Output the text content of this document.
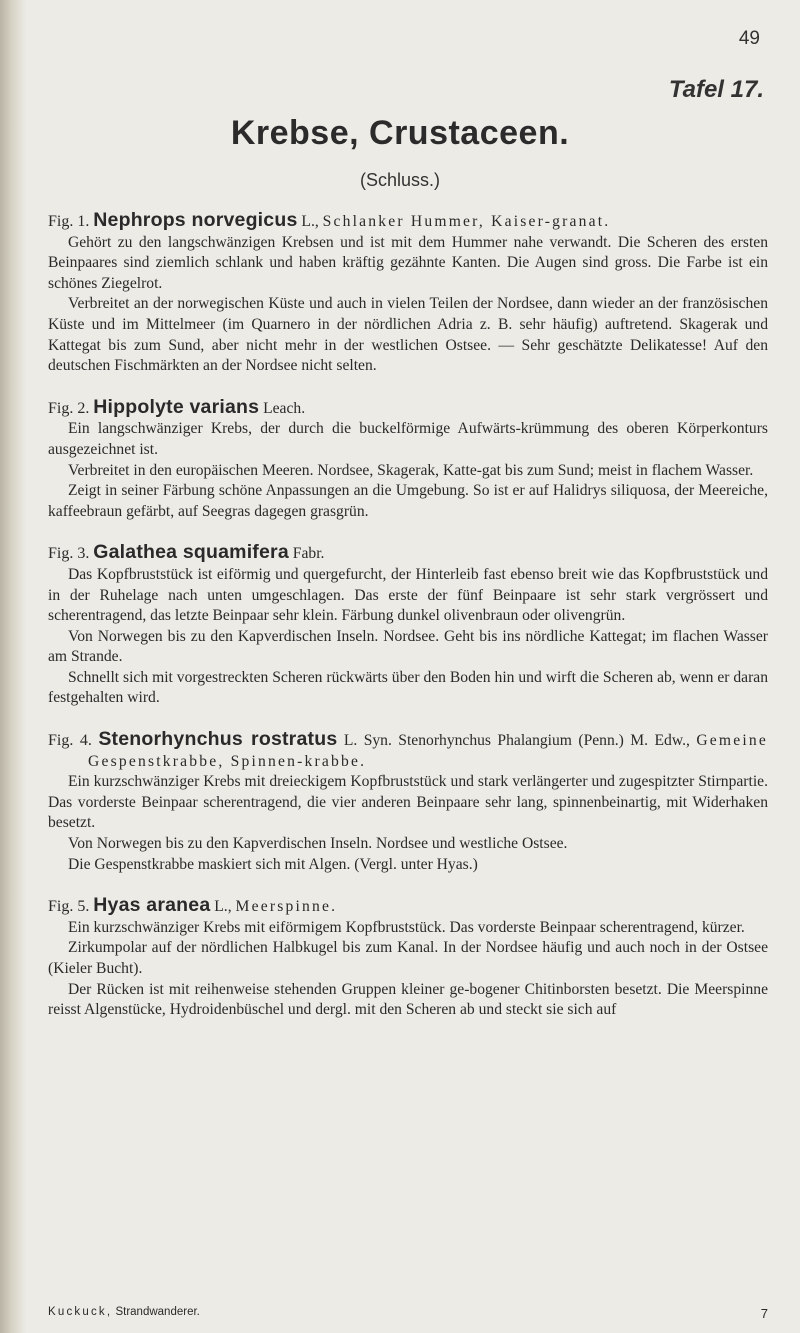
49
Tafel 17.
Krebse, Crustaceen.
(Schluss.)

Fig. 1. Nephrops norvegicus L., Schlanker Hummer, Kaiser-granat.

Gehört zu den langschwänzigen Krebsen und ist mit dem Hummer nahe verwandt. Die Scheren des ersten Beinpaares sind ziemlich schlank und haben kräftig gezähnte Kanten. Die Augen sind gross. Die Farbe ist ein schönes Ziegelrot.

Verbreitet an der norwegischen Küste und auch in vielen Teilen der Nordsee, dann wieder an der französischen Küste und im Mittelmeer (im Quarnero in der nördlichen Adria z. B. sehr häufig) auftretend. Skagerak und Kattegat bis zum Sund, aber nicht mehr in der westlichen Ostsee. — Sehr geschätzte Delikatesse! Auf den deutschen Fischmärkten an der Nordsee nicht selten.

Fig. 2. Hippolyte varians Leach.

Ein langschwänziger Krebs, der durch die buckelförmige Aufwärts-krümmung des oberen Körperkonturs ausgezeichnet ist.

Verbreitet in den europäischen Meeren. Nordsee, Skagerak, Katte-gat bis zum Sund; meist in flachem Wasser.

Zeigt in seiner Färbung schöne Anpassungen an die Umgebung. So ist er auf Halidrys siliquosa, der Meereiche, kaffeebraun gefärbt, auf Seegras dagegen grasgrün.

Fig. 3. Galathea squamifera Fabr.

Das Kopfbruststück ist eiförmig und quergefurcht, der Hinterleib fast ebenso breit wie das Kopfbruststück und in der Ruhelage nach unten umgeschlagen. Das erste der fünf Beinpaare ist sehr stark vergrössert und scherentragend, das letzte Beinpaar sehr klein. Färbung dunkel olivenbraun oder olivengrün.

Von Norwegen bis zu den Kapverdischen Inseln. Nordsee. Geht bis ins nördliche Kattegat; im flachen Wasser am Strande.

Schnellt sich mit vorgestreckten Scheren rückwärts über den Boden hin und wirft die Scheren ab, wenn er daran festgehalten wird.

Fig. 4. Stenorhynchus rostratus L. Syn. Stenorhynchus Phalangium (Penn.) M. Edw., Gemeine Gespenstkrabbe, Spinnen-krabbe.

Ein kurzschwänziger Krebs mit dreieckigem Kopfbruststück und stark verlängerter und zugespitzter Stirnpartie. Das vorderste Beinpaar scherentragend, die vier anderen Beinpaare sehr lang, spinnenbeinartig, mit Widerhaken besetzt.

Von Norwegen bis zu den Kapverdischen Inseln. Nordsee und westliche Ostsee.

Die Gespenstkrabbe maskiert sich mit Algen. (Vergl. unter Hyas.)

Fig. 5. Hyas aranea L., Meerspinne.

Ein kurzschwänziger Krebs mit eiförmigem Kopfbruststück. Das vorderste Beinpaar scherentragend, kürzer.

Zirkumpolar auf der nördlichen Halbkugel bis zum Kanal. In der Nordsee häufig und auch noch in der Ostsee (Kieler Bucht).

Der Rücken ist mit reihenweise stehenden Gruppen kleiner ge-bogener Chitinborsten besetzt. Die Meerspinne reisst Algenstücke, Hydroidenbüschel und dergl. mit den Scheren ab und steckt sie sich auf

Kuckuck, Strandwanderer.	7
